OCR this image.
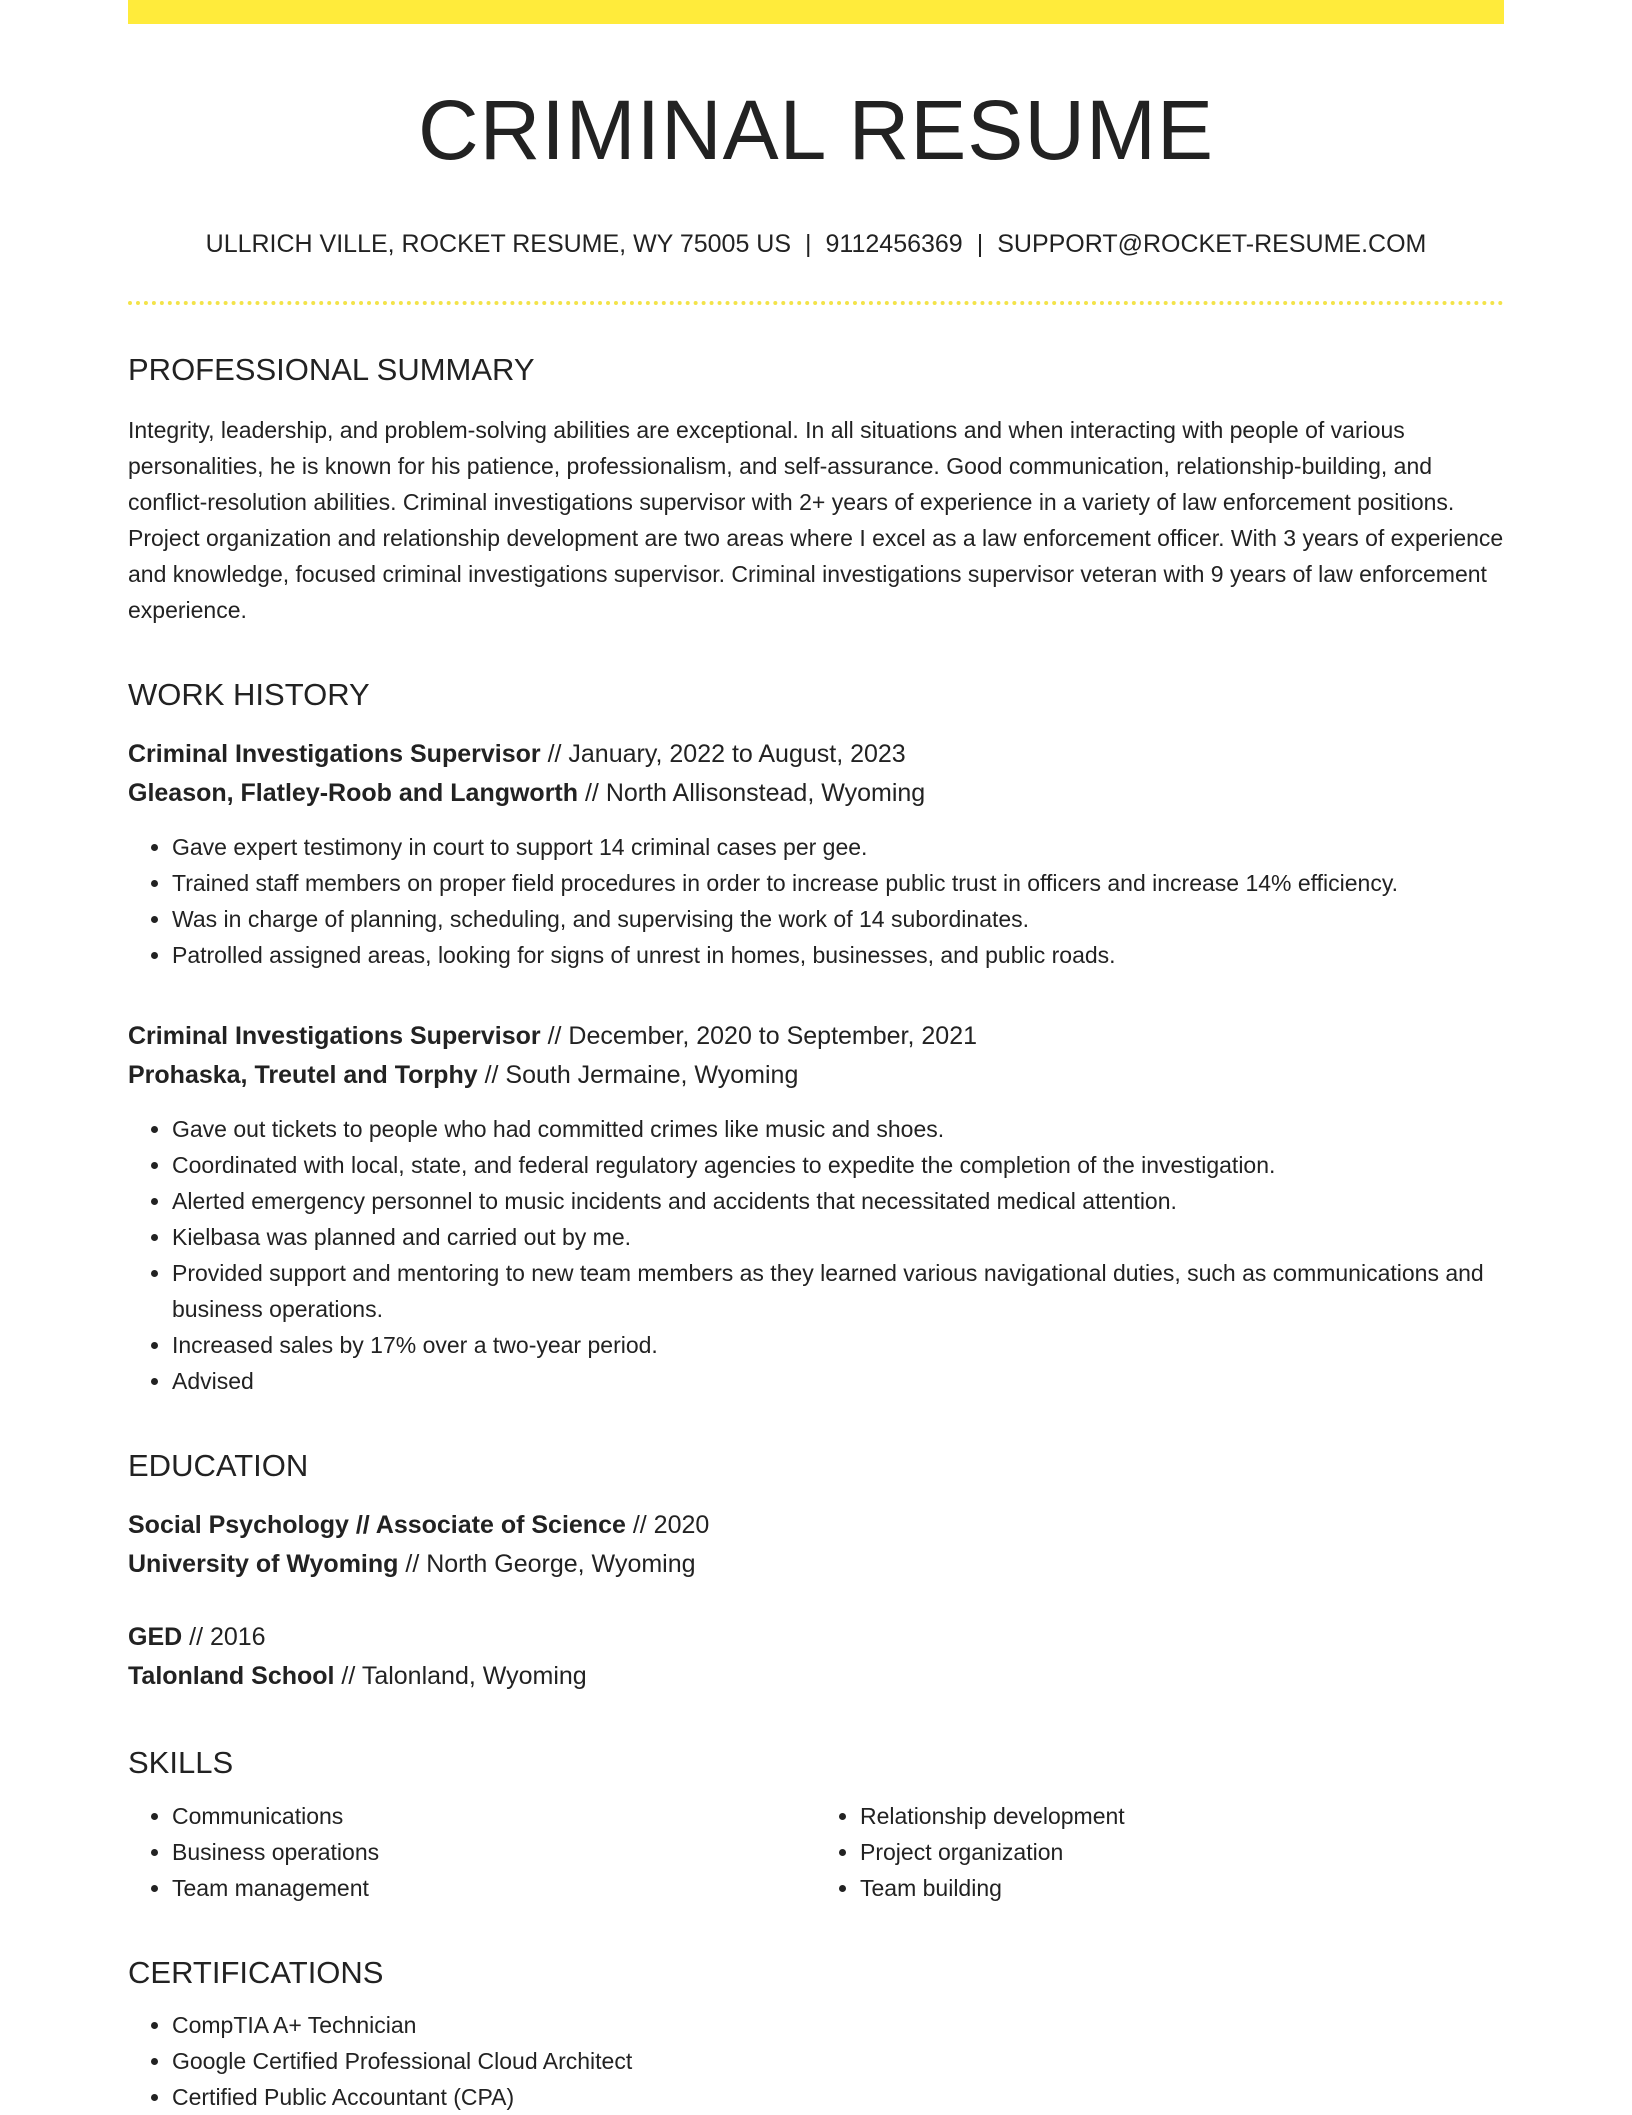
CRIMINAL RESUME
ULLRICH VILLE, ROCKET RESUME, WY 75005 US | 9112456369 | SUPPORT@ROCKET-RESUME.COM
PROFESSIONAL SUMMARY

Integrity, leadership, and problem-solving abilities are exceptional. In all situations and when interacting with people of various personalities, he is known for his patience, professionalism, and self-assurance. Good communication, relationship-building, and conflict-resolution abilities. Criminal investigations supervisor with 2+ years of experience in a variety of law enforcement positions. Project organization and relationship development are two areas where I excel as a law enforcement officer. With 3 years of experience and knowledge, focused criminal investigations supervisor. Criminal investigations supervisor veteran with 9 years of law enforcement experience.

WORK HISTORY

Criminal Investigations Supervisor // January, 2022 to August, 2023

Gleason, Flatley-Roob and Langworth // North Allisonstead, Wyoming

• Gave expert testimony in court to support 14 criminal cases per gee.
• Trained staff members on proper field procedures in order to increase public trust in officers and increase 14% efficiency.
• Was in charge of planning, scheduling, and supervising the work of 14 subordinates.
• Patrolled assigned areas, looking for signs of unrest in homes, businesses, and public roads.

Criminal Investigations Supervisor // December, 2020 to September, 2021

Prohaska, Treutel and Torphy // South Jermaine, Wyoming

• Gave out tickets to people who had committed crimes like music and shoes.
• Coordinated with local, state, and federal regulatory agencies to expedite the completion of the investigation.
• Alerted emergency personnel to music incidents and accidents that necessitated medical attention.
• Kielbasa was planned and carried out by me.
• Provided support and mentoring to new team members as they learned various navigational duties, such as communications and business operations.
• Increased sales by 17% over a two-year period.
• Advised
EDUCATION

Social Psychology // Associate of Science // 2020

University of Wyoming // North George, Wyoming

GED // 2016

Talonland School // Talonland, Wyoming

SKILLS
• Communications
• Business operations
• Team management
• Relationship development
• Project organization
• Team building
CERTIFICATIONS
• CompTIA A+ Technician
• Google Certified Professional Cloud Architect
• Certified Public Accountant (CPA)
